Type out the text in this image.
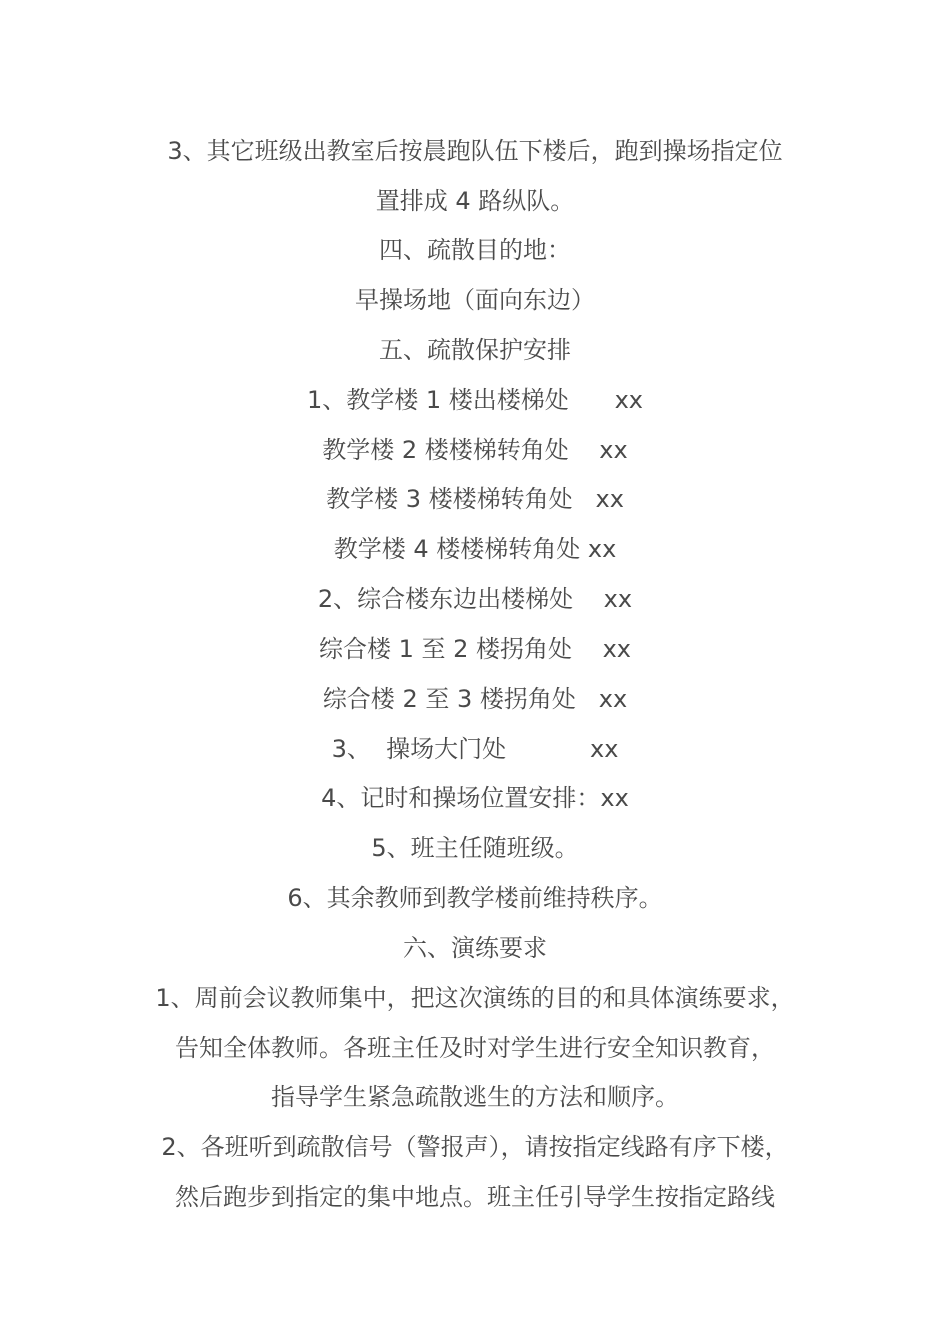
3、其它班级出教室后按晨跑队伍下楼后，跑到操场指定位
置排成 4 路纵队。
四、疏散目的地：
早操场地（面向东边）
五、疏散保护安排
1、教学楼 1 楼出楼梯处      xx
教学楼 2 楼楼梯转角处    xx
教学楼 3 楼楼梯转角处   xx
教学楼 4 楼楼梯转角处 xx
2、综合楼东边出楼梯处    xx
综合楼 1 至 2 楼拐角处    xx
综合楼 2 至 3 楼拐角处   xx
3、  操场大门处           xx
4、记时和操场位置安排：xx
5、班主任随班级。
6、其余教师到教学楼前维持秩序。
六、演练要求
1、周前会议教师集中，把这次演练的目的和具体演练要求，
告知全体教师。各班主任及时对学生进行安全知识教育，
指导学生紧急疏散逃生的方法和顺序。
2、各班听到疏散信号（警报声），请按指定线路有序下楼，
然后跑步到指定的集中地点。班主任引导学生按指定路线
